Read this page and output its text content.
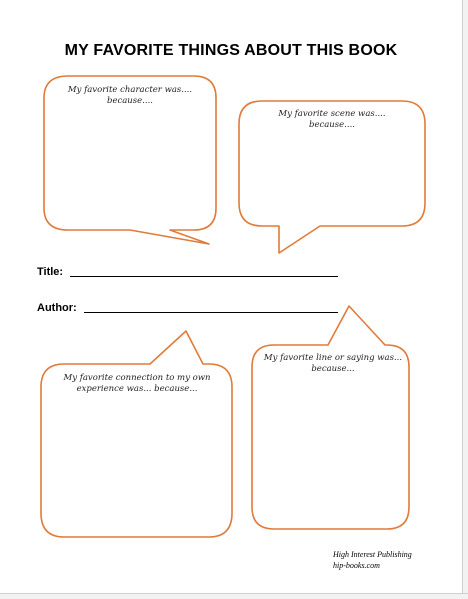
MY FAVORITE THINGS ABOUT THIS BOOK
My favorite character was....
because....
My favorite scene was....
because....
My favorite connection to my own
experience was... because...
My favorite line or saying was...
because...
Title:
Author:
High Interest Publishing
hip-books.com
